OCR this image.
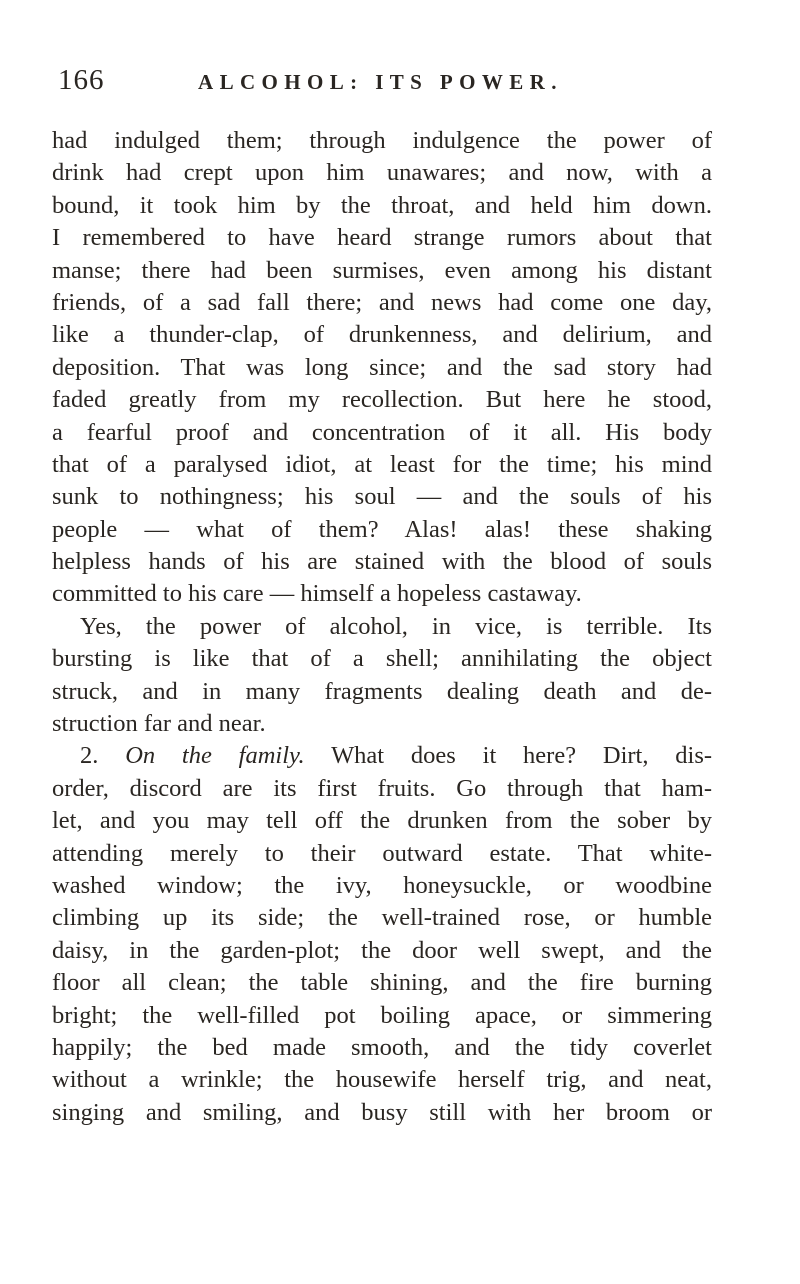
166	ALCOHOL: ITS POWER.
had indulged them; through indulgence the power of
drink had crept upon him unawares; and now, with a
bound, it took him by the throat, and held him down.
I remembered to have heard strange rumors about that
manse; there had been surmises, even among his distant
friends, of a sad fall there; and news had come one day,
like a thunder-clap, of drunkenness, and delirium, and
deposition. That was long since; and the sad story had
faded greatly from my recollection. But here he stood,
a fearful proof and concentration of it all. His body
that of a paralysed idiot, at least for the time; his mind
sunk to nothingness; his soul — and the souls of his
people — what of them? Alas! alas! these shaking
helpless hands of his are stained with the blood of souls
committed to his care — himself a hopeless castaway.
Yes, the power of alcohol, in vice, is terrible. Its
bursting is like that of a shell; annihilating the object
struck, and in many fragments dealing death and de-
struction far and near.
2. On the family. What does it here? Dirt, dis-
order, discord are its first fruits. Go through that ham-
let, and you may tell off the drunken from the sober by
attending merely to their outward estate. That white-
washed window; the ivy, honeysuckle, or woodbine
climbing up its side; the well-trained rose, or humble
daisy, in the garden-plot; the door well swept, and the
floor all clean; the table shining, and the fire burning
bright; the well-filled pot boiling apace, or simmering
happily; the bed made smooth, and the tidy coverlet
without a wrinkle; the housewife herself trig, and neat,
singing and smiling, and busy still with her broom or
